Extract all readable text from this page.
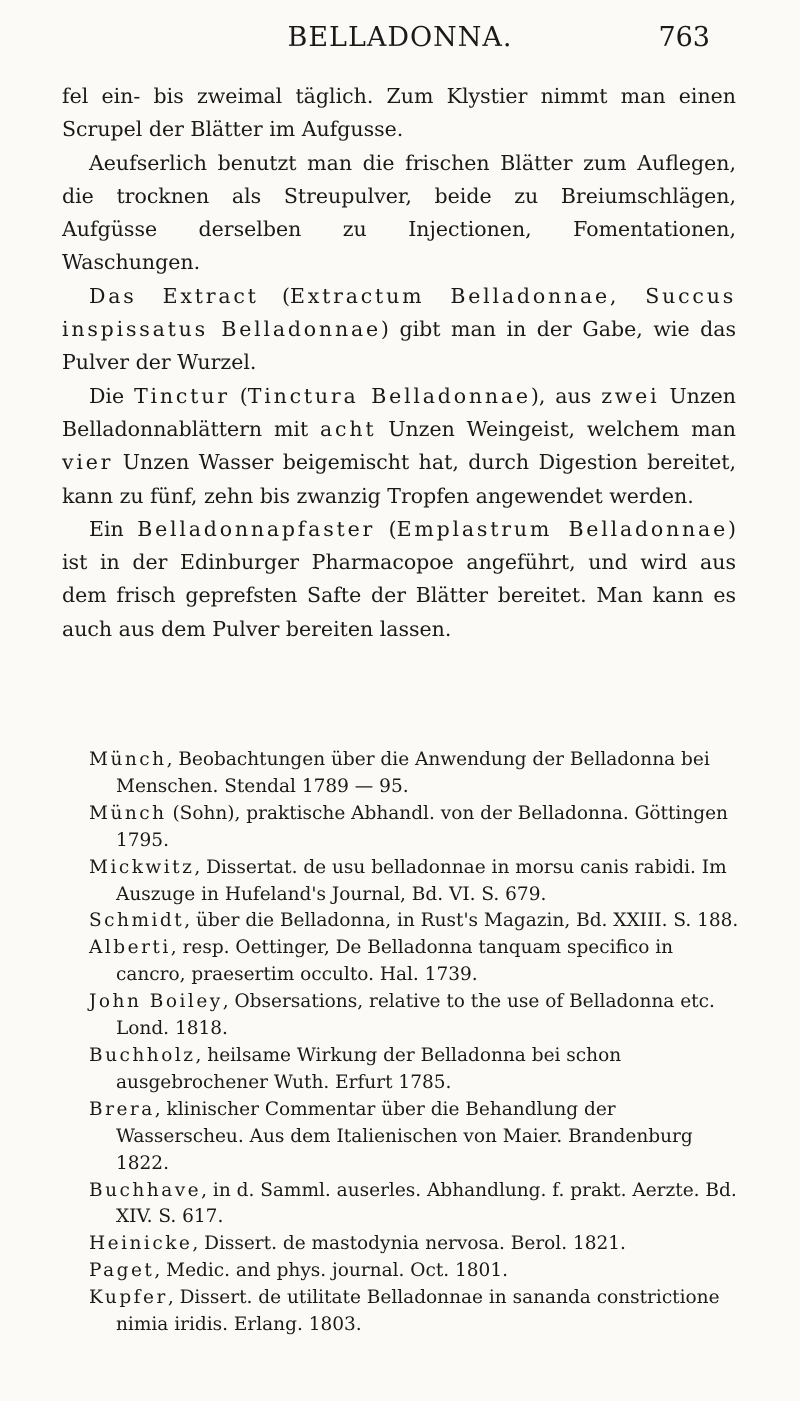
BELLADONNA.	763

fel ein- bis zweimal täglich. Zum Klystier nimmt man einen Scrupel der Blätter im Aufgusse.

Aeufserlich benutzt man die frischen Blätter zum Auflegen, die trocknen als Streupulver, beide zu Breiumschlägen, Aufgüsse derselben zu Injectionen, Fomentationen, Waschungen.

Das Extract (Extractum Belladonnae, Succus inspissatus Belladonnae) gibt man in der Gabe, wie das Pulver der Wurzel.

Die Tinctur (Tinctura Belladonnae), aus zwei Unzen Belladonnablättern mit acht Unzen Weingeist, welchem man vier Unzen Wasser beigemischt hat, durch Digestion bereitet, kann zu fünf, zehn bis zwanzig Tropfen angewendet werden.

Ein Belladonnapfaster (Emplastrum Belladonnae) ist in der Edinburger Pharmacopoe angeführt, und wird aus dem frisch geprefsten Safte der Blätter bereitet. Man kann es auch aus dem Pulver bereiten lassen.

Münch, Beobachtungen über die Anwendung der Belladonna bei Menschen. Stendal 1789 — 95.

Münch (Sohn), praktische Abhandl. von der Belladonna. Göttingen 1795.

Mickwitz, Dissertat. de usu belladonnae in morsu canis rabidi. Im Auszuge in Hufeland's Journal, Bd. VI. S. 679.

Schmidt, über die Belladonna, in Rust's Magazin, Bd. XXIII. S. 188.

Alberti, resp. Oettinger, De Belladonna tanquam specifico in cancro, praesertim occulto. Hal. 1739.

John Boiley, Obsersations, relative to the use of Belladonna etc. Lond. 1818.

Buchholz, heilsame Wirkung der Belladonna bei schon ausgebrochener Wuth. Erfurt 1785.

Brera, klinischer Commentar über die Behandlung der Wasserscheu. Aus dem Italienischen von Maier. Brandenburg 1822.

Buchhave, in d. Samml. auserles. Abhandlung. f. prakt. Aerzte. Bd. XIV. S. 617.

Heinicke, Dissert. de mastodynia nervosa. Berol. 1821.

Paget, Medic. and phys. journal. Oct. 1801.

Kupfer, Dissert. de utilitate Belladonnae in sananda constrictione nimia iridis. Erlang. 1803.
